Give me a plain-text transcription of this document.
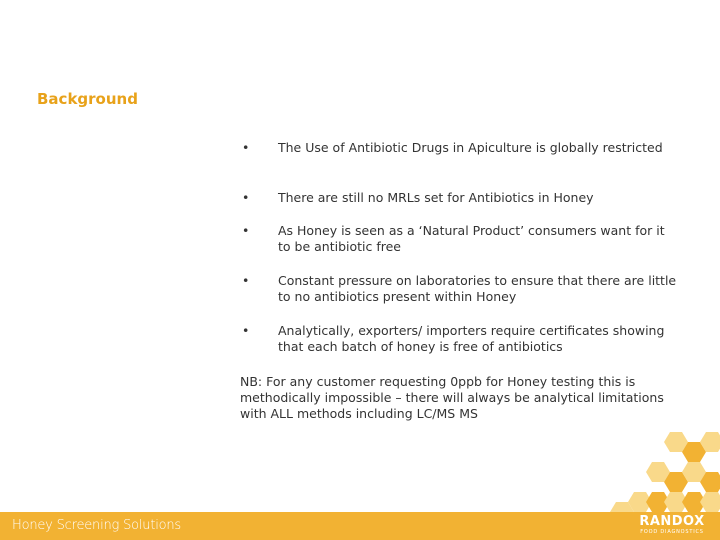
Background
•	The Use of Antibiotic Drugs in Apiculture is globally restricted
•	There are still no MRLs set for Antibiotics in Honey
•	As Honey is seen as a ‘Natural Product’ consumers want for it to be antibiotic free
•	Constant pressure on laboratories to ensure that there are little to no antibiotics present within Honey
•	Analytically, exporters/ importers require certificates showing that each batch of honey is free of antibiotics
NB: For any customer requesting 0ppb for Honey testing this is methodically impossible – there will always be analytical limitations with ALL methods including LC/MS MS
Honey Screening Solutions	RANDOX
FOOD DIAGNOSTICS
